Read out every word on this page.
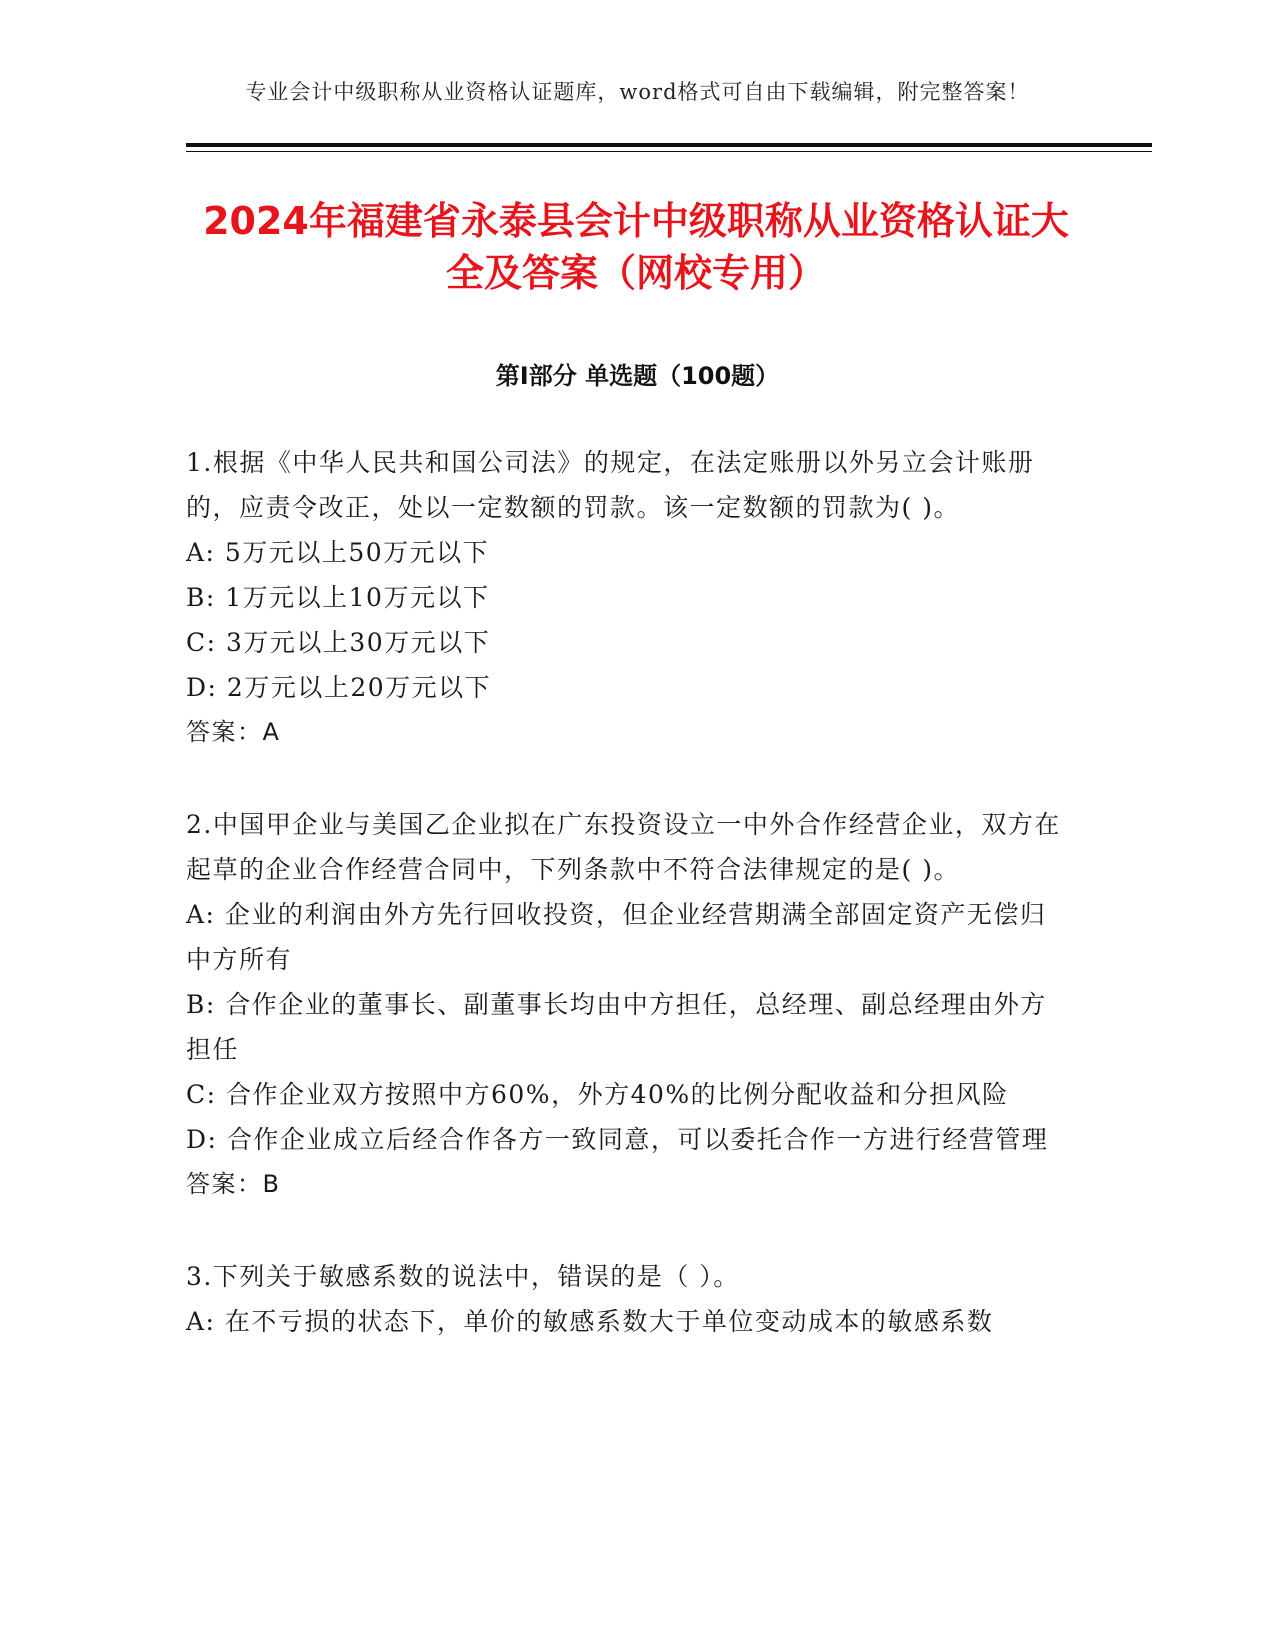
专业会计中级职称从业资格认证题库，word格式可自由下载编辑，附完整答案！
2024年福建省永泰县会计中级职称从业资格认证大全及答案（网校专用）
第Ⅰ部分 单选题（100题）

1.根据《中华人民共和国公司法》的规定，在法定账册以外另立会计账册的，应责令改正，处以一定数额的罚款。该一定数额的罚款为( )。

A: 5万元以上50万元以下

B: 1万元以上10万元以下

C: 3万元以上30万元以下

D: 2万元以上20万元以下

答案：A

2.中国甲企业与美国乙企业拟在广东投资设立一中外合作经营企业，双方在起草的企业合作经营合同中，下列条款中不符合法律规定的是( )。

A: 企业的利润由外方先行回收投资，但企业经营期满全部固定资产无偿归中方所有

B: 合作企业的董事长、副董事长均由中方担任，总经理、副总经理由外方担任

C: 合作企业双方按照中方60%，外方40%的比例分配收益和分担风险

D: 合作企业成立后经合作各方一致同意，可以委托合作一方进行经营管理

答案：B

3.下列关于敏感系数的说法中，错误的是（ ）。

A: 在不亏损的状态下，单价的敏感系数大于单位变动成本的敏感系数
